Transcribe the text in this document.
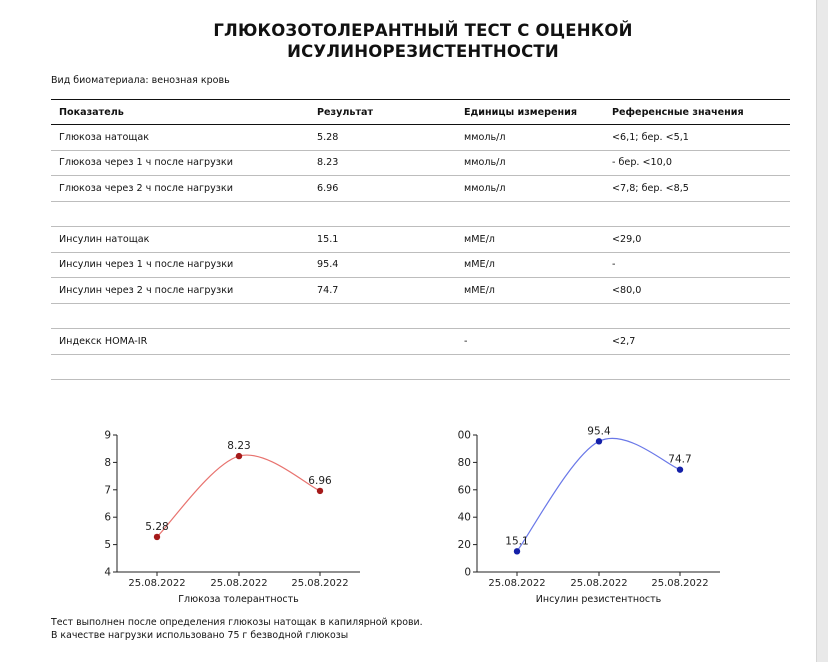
ГЛЮКОЗОТОЛЕРАНТНЫЙ ТЕСТ С ОЦЕНКОЙ
ИСУЛИНОРЕЗИСТЕНТНОСТИ
Вид биоматериала: венозная кровь
Показатель	Результат	Единицы измерения	Референсные значения
Глюкоза натощак	5.28	ммоль/л	<6,1; бер. <5,1
Глюкоза через 1 ч после нагрузки	8.23	ммоль/л	- бер. <10,0
Глюкоза через 2 ч после нагрузки	6.96	ммоль/л	<7,8; бер. <8,5

Инсулин натощак	15.1	мМЕ/л	<29,0
Инсулин через 1 ч после нагрузки	95.4	мМЕ/л	-
Инсулин через 2 ч после нагрузки	74.7	мМЕ/л	<80,0

Индекск HOMA-IR		-	<2,7

4
5
6
7
8
9
25.08.2022 25.08.2022 25.08.2022
5.28
8.23
6.96
Глюкоза толерантность
0
20
40
60
80
00
25.08.2022 25.08.2022 25.08.2022
15.1
95.4
74.7
Инсулин резистентность
Тест выполнен после определения глюкозы натощак в капилярной крови.
В качестве нагрузки использовано 75 г безводной глюкозы
